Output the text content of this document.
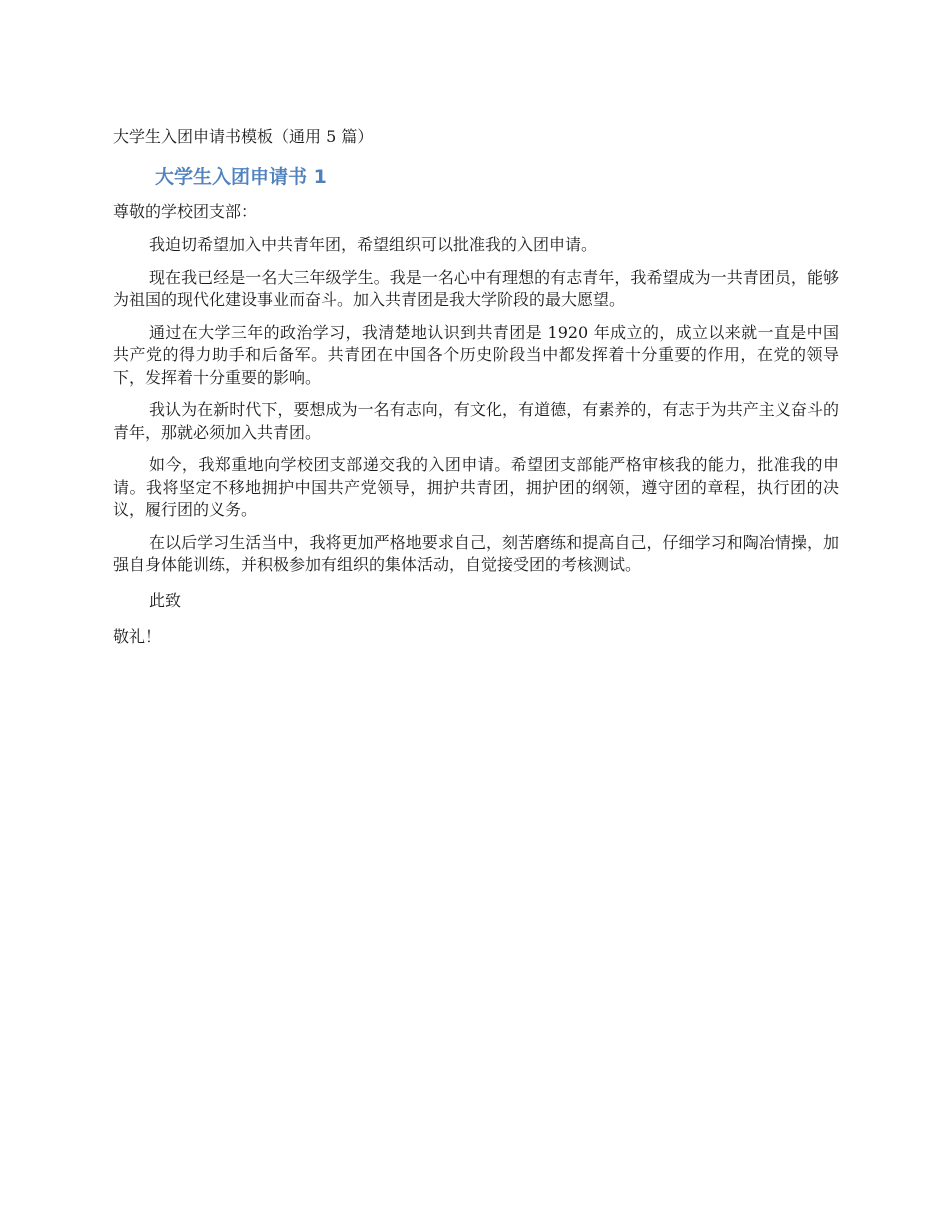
大学生入团申请书模板（通用 5 篇）

大学生入团申请书 1

尊敬的学校团支部：

我迫切希望加入中共青年团，希望组织可以批准我的入团申请。

现在我已经是一名大三年级学生。我是一名心中有理想的有志青年，我希望成为一共青团员，能够为祖国的现代化建设事业而奋斗。加入共青团是我大学阶段的最大愿望。

通过在大学三年的政治学习，我清楚地认识到共青团是 1920 年成立的，成立以来就一直是中国共产党的得力助手和后备军。共青团在中国各个历史阶段当中都发挥着十分重要的作用，在党的领导下，发挥着十分重要的影响。

我认为在新时代下，要想成为一名有志向，有文化，有道德，有素养的，有志于为共产主义奋斗的青年，那就必须加入共青团。

如今，我郑重地向学校团支部递交我的入团申请。希望团支部能严格审核我的能力，批准我的申请。我将坚定不移地拥护中国共产党领导，拥护共青团，拥护团的纲领，遵守团的章程，执行团的决议，履行团的义务。

在以后学习生活当中，我将更加严格地要求自己，刻苦磨练和提高自己，仔细学习和陶冶情操，加强自身体能训练，并积极参加有组织的集体活动，自觉接受团的考核测试。

此致

敬礼！
